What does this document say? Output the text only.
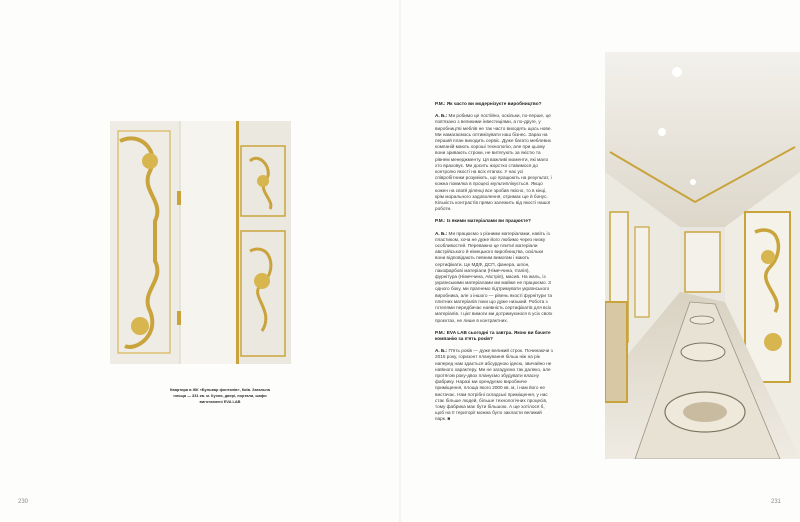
Квартира в ЖК «Бульвар фонтанів», Київ. Загальна
площа — 331 кв. м. Кухня, двері, портали, шафи
виготовлені EVA LAB

Р.М.: Як часто ви модернізуєте виробництво?

А. Б.: Ми робимо це постійно, оскільки, по-перше, це пов'язано з великими інвестиціями, а по-друге, у виробництві меблів не так часто виходять щось нове. Ми намагаємось оптимізувати наш бізнес. Зараз на перший план виходить сервіс. Дуже багато меблевих компаній мають хороші технологію, але при цьому вони зривають строки, не витягують за якістю та рівнем менеджменту. Ця важливі моменти, які мало хто враховує. Ми досить жорстко ставимося до контролю якості на всіх етапах. У нас усі співробітники розуміють, що працюють на результат, і кожна помилка в процесі мультиплікується. Якщо кожен на своїй ділянці все зробив якісно, то в кінці, крім морального задоволення, отримає ще й бонус. Кількість контрастів прямо залежить від якості нашої роботи.

Р.М.: Із якими матеріалами ви працюєте?

А. Б.: Ми працюємо з різними матеріалами, навіть із пластиком, хоча не дуже його любимо через низку особливостей. Переважно це плити/ матеріали австрійського й німецького виробництва, оскільки вони відповідають певним вимогам і мають сертифікати. Це МДФ, ДСП, фанера, шпон, лакофарбові матеріали (Німеччина, Італія), фурнітура (Німеччина, Австрія), масив. На жаль, із українськими матеріалами ми майже не працюємо. З одного боку, ми прагнемо підтримувати українського виробника, але з іншого — рівень якості фурнітури та плитних матеріалів поки що дуже низький. Робота з готелями передбачає наявність сертифікатів для всіх матеріалів. І цієї вимоги ми дотримуємося в усіх своїх проєктах, не лише в контрактних.

Р.М.: EVA LAB сьогодні та завтра. Якою ви бачите компанію за п'ять років?

А. Б.: П'ять років — дуже великий строк. Починаючи з 2015 року, горизонт планування більш ніж на рік наперед нам здається абсурдною ідеєю, звичайно не наївного характеру. Ми не загадуємо так далеко, але протягом року-двох плануємо збудувати власну фабрику. Наразі ми орендуємо виробниче приміщення, площа якого 2000 кв. м, і нам його не вистачає. Нам потрібні складські приміщення, у нас стає більше людей, більше технологічних процесів, тому фабрика має бути більшою. А ще хотілося б, щоб на її території можна було закласти великий парк. ■

230	231
